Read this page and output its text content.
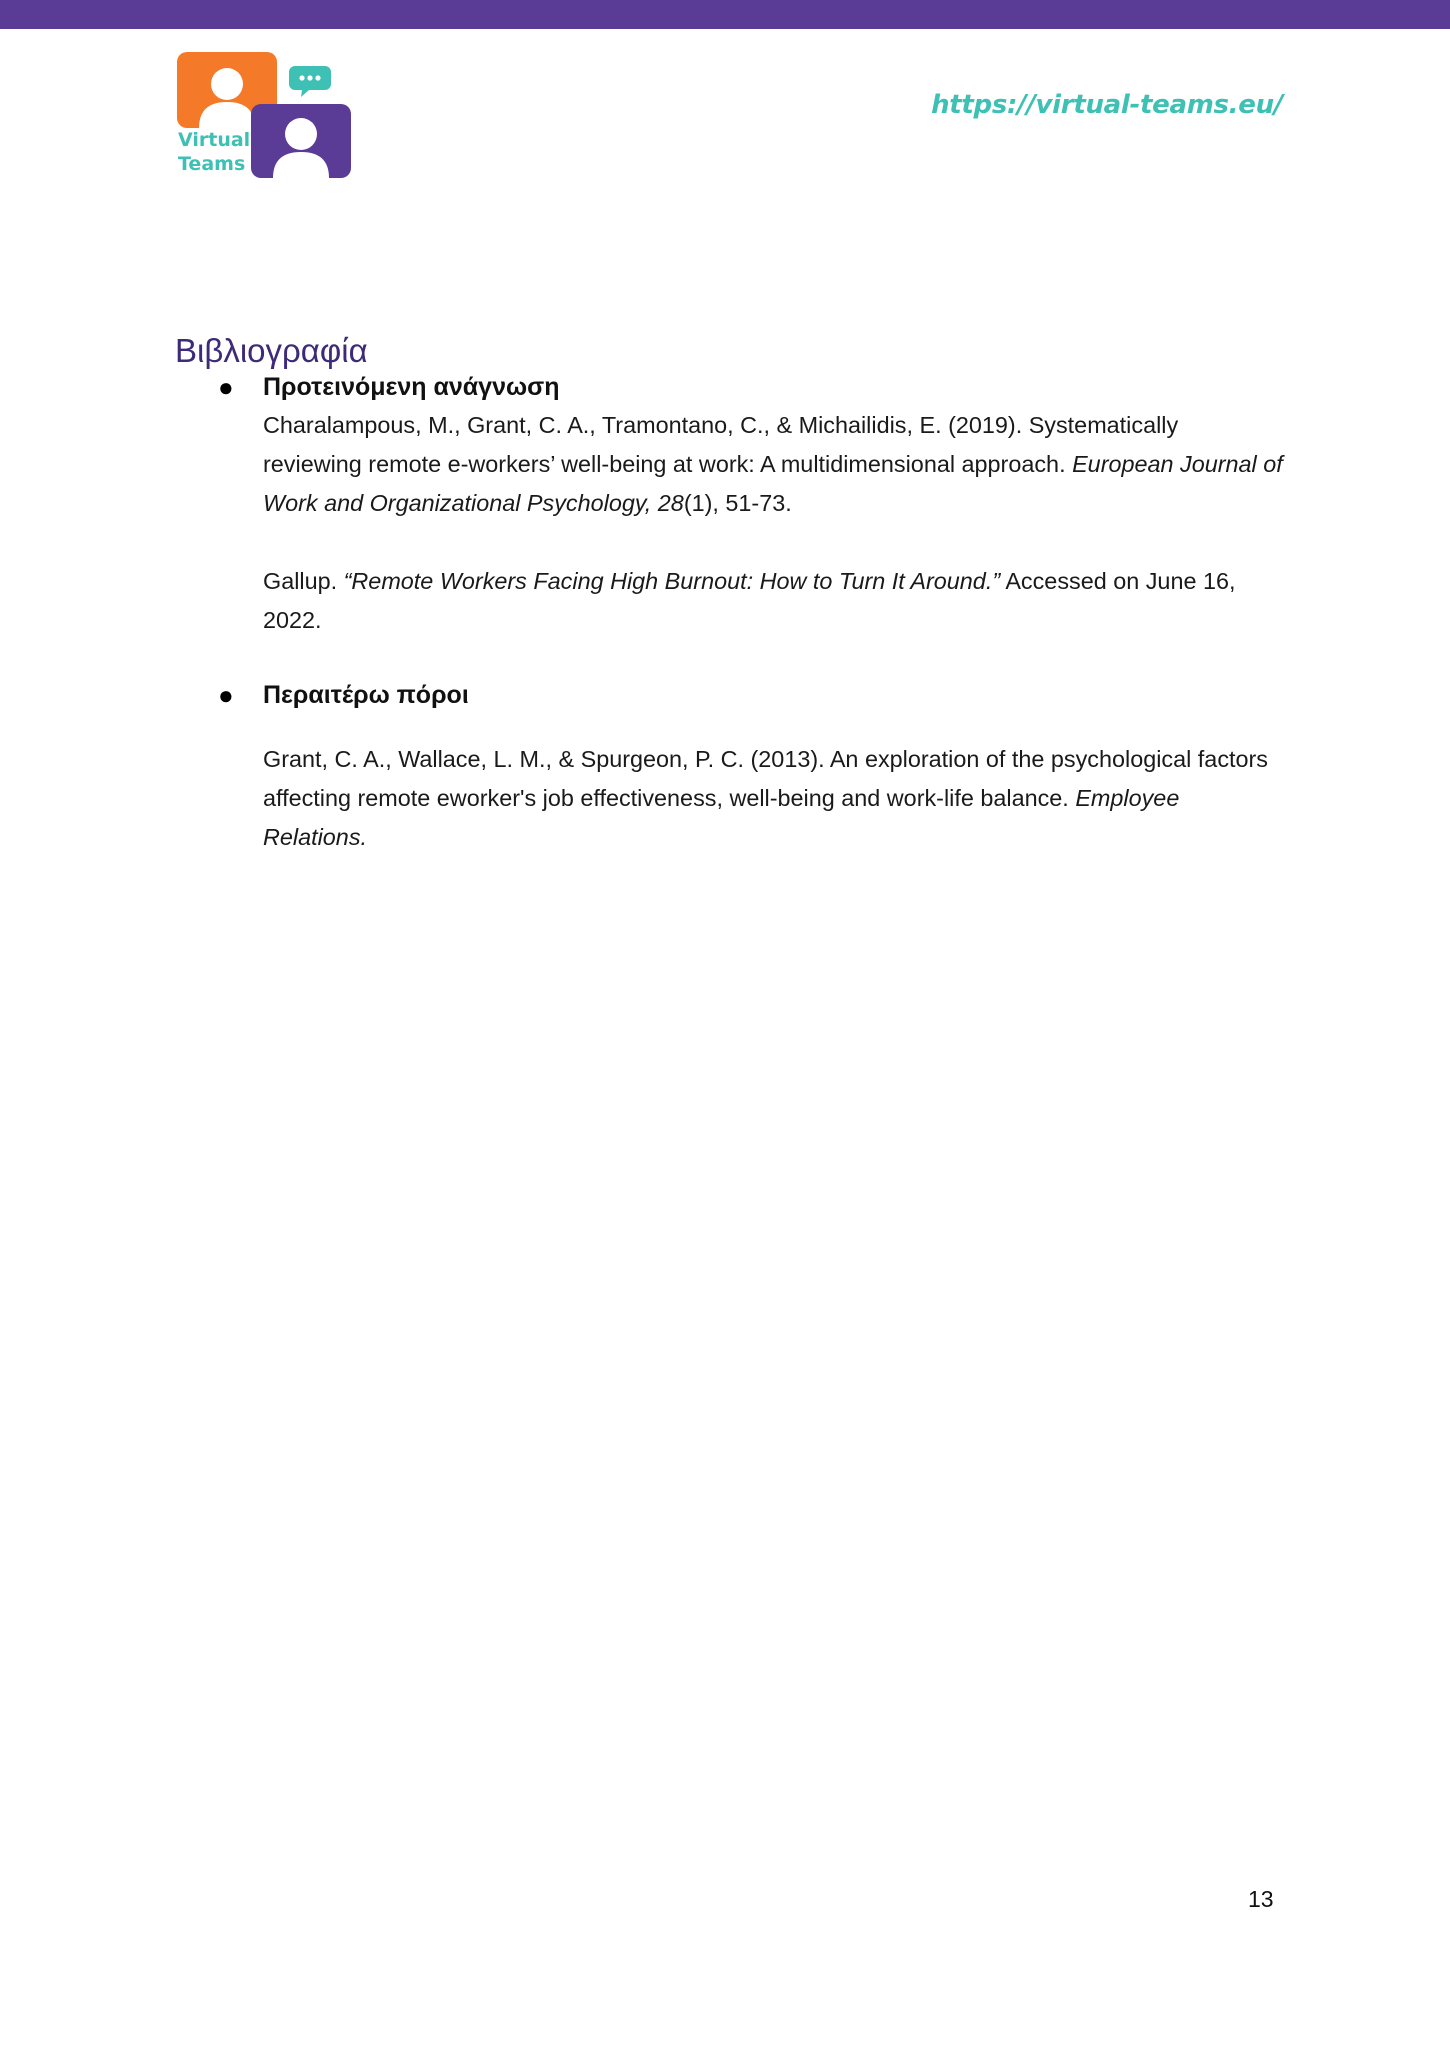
Virtual
Teams
https://virtual-teams.eu/
Βιβλιογραφία
● Προτεινόμενη ανάγνωση

Charalampous, M., Grant, C. A., Tramontano, C., & Michailidis, E. (2019). Systematically reviewing remote e-workers’ well-being at work: A multidimensional approach. European Journal of Work and Organizational Psychology, 28(1), 51-73.

Gallup. “Remote Workers Facing High Burnout: How to Turn It Around.” Accessed on June 16, 2022.

● Περαιτέρω πόροι

Grant, C. A., Wallace, L. M., & Spurgeon, P. C. (2013). An exploration of the psychological factors affecting remote eworker's job effectiveness, well-being and work-life balance. Employee Relations.

13
